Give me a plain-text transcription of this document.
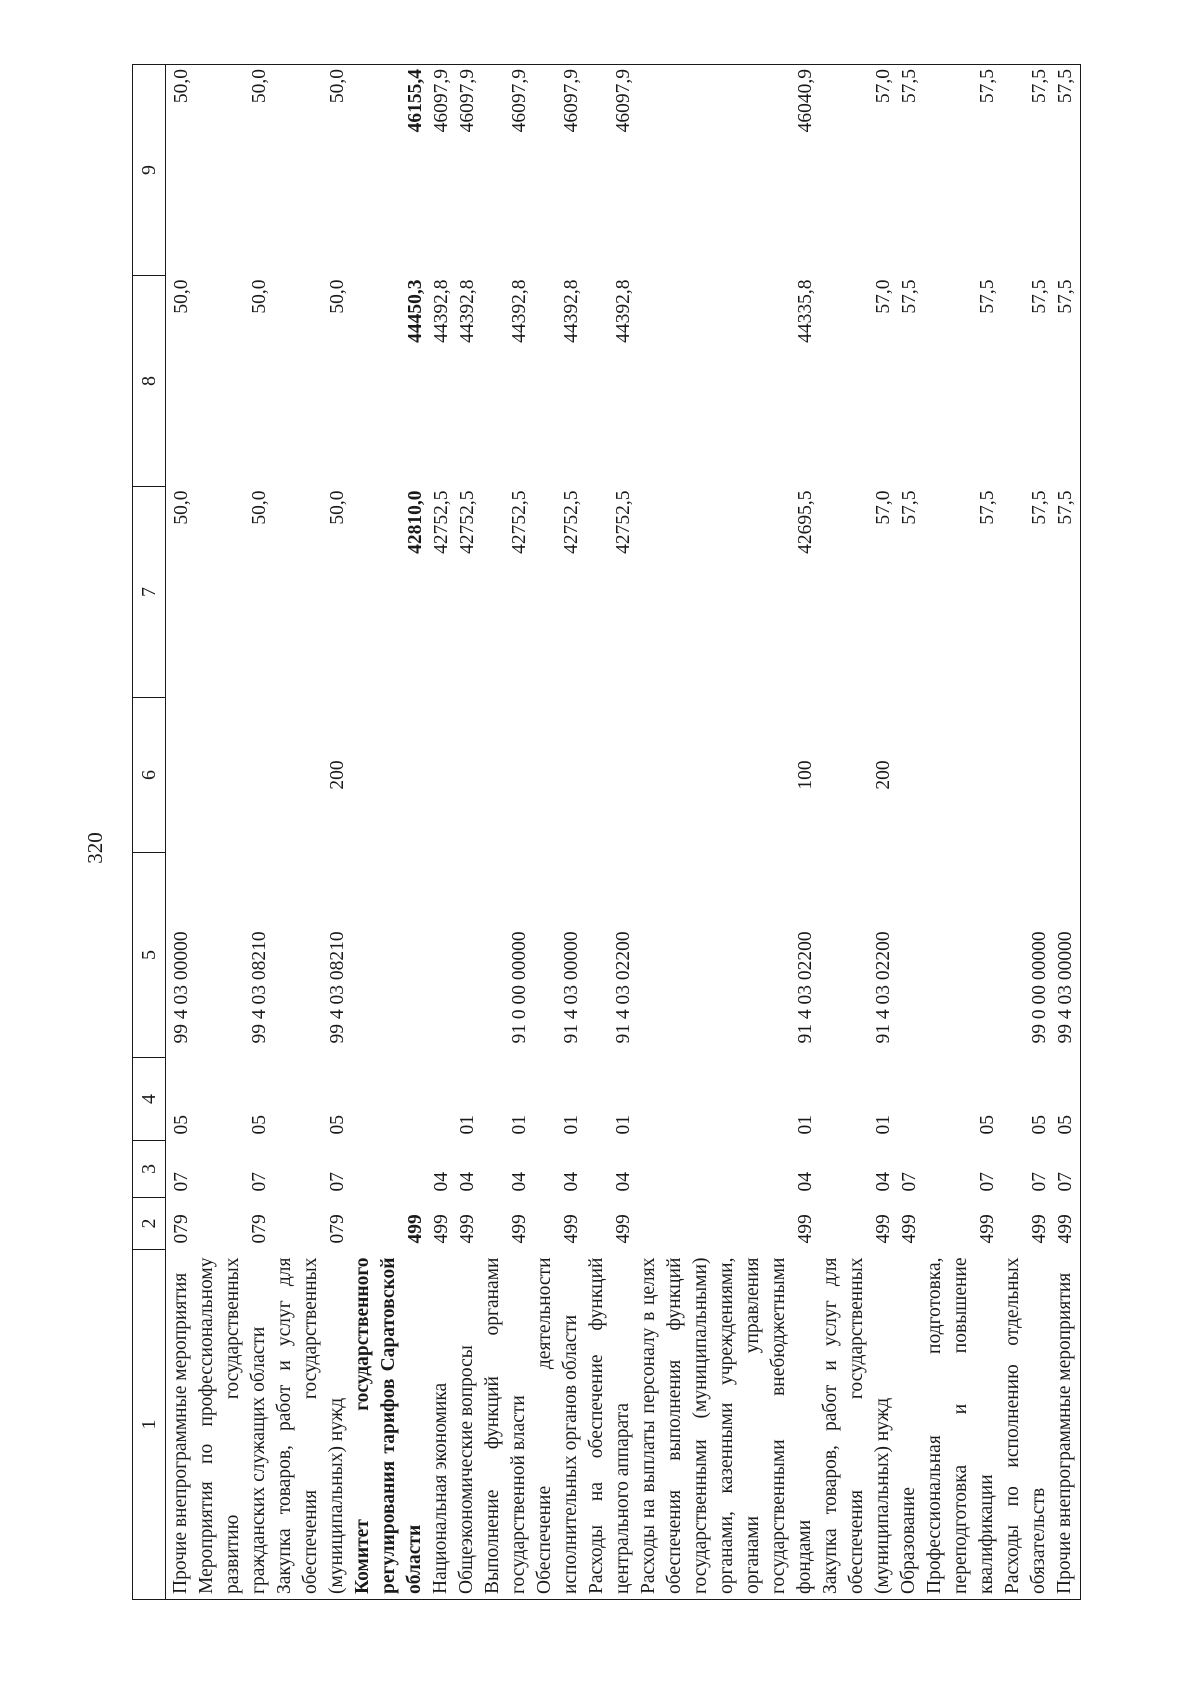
320
1	2	3	4	5	6	7	8	9
Прочие внепрограммные мероприятия	079	07	05	99 4 03 00000		50,0	50,0	50,0
Мероприятия по профессиональному развитию государственных гражданских служащих области	079	07	05	99 4 03 08210		50,0	50,0	50,0
Закупка товаров, работ и услуг для обеспечения государственных (муниципальных) нужд	079	07	05	99 4 03 08210	200	50,0	50,0	50,0
Комитет государственного регулирования тарифов Саратовской области	499					42810,0	44450,3	46155,4
Национальная экономика	499	04				42752,5	44392,8	46097,9
Общеэкономические вопросы	499	04	01			42752,5	44392,8	46097,9
Выполнение функций органами государственной власти	499	04	01	91 0 00 00000		42752,5	44392,8	46097,9
Обеспечение деятельности исполнительных органов области	499	04	01	91 4 03 00000		42752,5	44392,8	46097,9
Расходы на обеспечение функций центрального аппарата	499	04	01	91 4 03 02200		42752,5	44392,8	46097,9
Расходы на выплаты персоналу в целях обеспечения выполнения функций государственными (муниципальными) органами, казенными учреждениями, органами управления государственными внебюджетными фондами	499	04	01	91 4 03 02200	100	42695,5	44335,8	46040,9
Закупка товаров, работ и услуг для обеспечения государственных (муниципальных) нужд	499	04	01	91 4 03 02200	200	57,0	57,0	57,0
Образование	499	07				57,5	57,5	57,5
Профессиональная подготовка, переподготовка и повышение квалификации	499	07	05			57,5	57,5	57,5
Расходы по исполнению отдельных обязательств	499	07	05	99 0 00 00000		57,5	57,5	57,5
Прочие внепрограммные мероприятия	499	07	05	99 4 03 00000		57,5	57,5	57,5
